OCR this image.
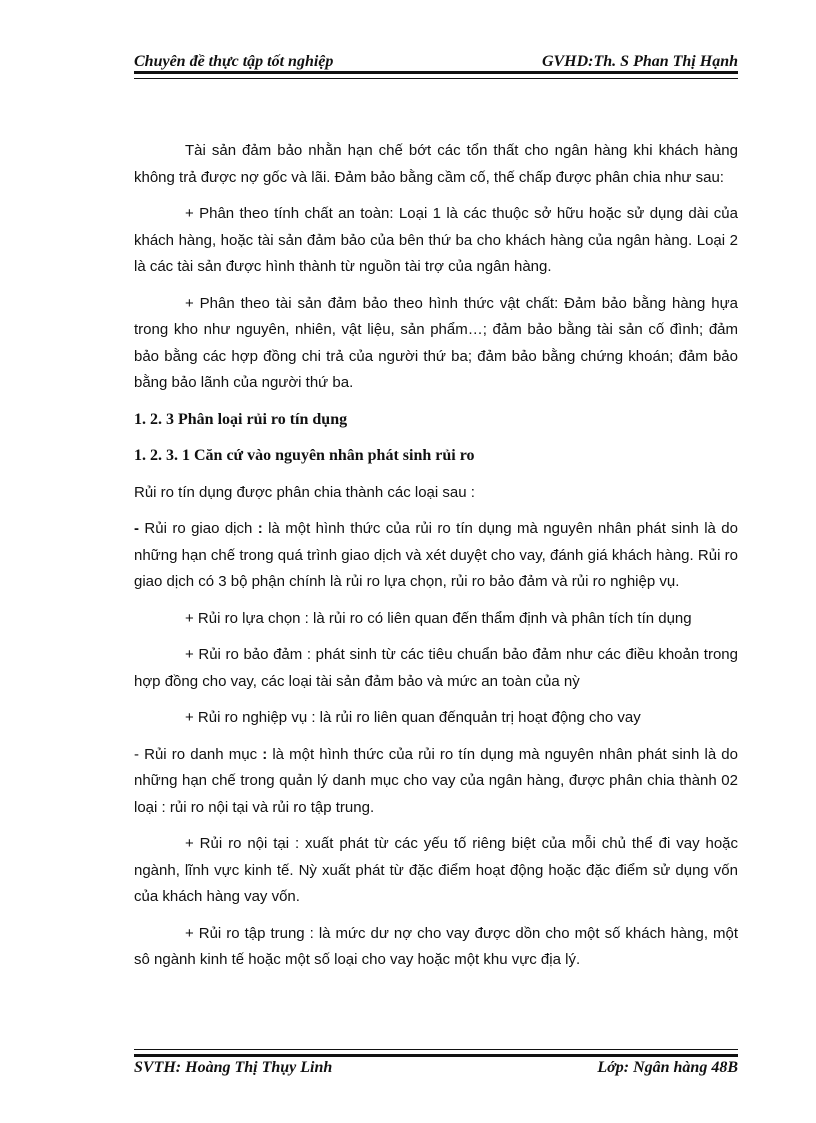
Chuyên đề thực tập tốt nghiệp	GVHD:Th. S Phan Thị Hạnh

Tài sản đảm bảo nhằn hạn chế bớt các tổn thất cho ngân hàng khi khách hàng không trả được nợ gốc và lãi. Đảm bảo bằng cầm cố, thế chấp được phân chia như sau:

+ Phân theo tính chất an toàn: Loại 1 là các thuộc sở hữu hoặc sử dụng dài của khách hàng, hoặc tài sản đảm bảo của bên thứ ba cho khách hàng của ngân hàng. Loại 2 là các tài sản được hình thành từ nguồn tài trợ của ngân hàng.

+ Phân theo tài sản đảm bảo theo hình thức vật chất: Đảm bảo bằng hàng hựa trong kho như nguyên, nhiên, vật liệu, sản phẩm…; đảm bảo bằng tài sản cố đình; đảm bảo bằng các hợp đồng chi trả của người thứ ba; đảm bảo bằng chứng khoán; đảm bảo bằng bảo lãnh của người thứ ba.

1. 2. 3 Phân loại rủi ro tín dụng

1. 2. 3. 1 Căn cứ vào nguyên nhân phát sinh rủi ro

Rủi ro tín dụng được phân chia thành các loại sau :

- Rủi ro giao dịch : là một hình thức của rủi ro tín dụng mà nguyên nhân phát sinh là do những hạn chế trong quá trình giao dịch và xét duyệt cho vay, đánh giá khách hàng. Rủi ro giao dịch có 3 bộ phận chính là rủi ro lựa chọn, rủi ro bảo đảm và rủi ro nghiệp vụ.

+ Rủi ro lựa chọn : là rủi ro có liên quan đến thẩm định và phân tích tín dụng

+ Rủi ro bảo đảm : phát sinh từ các tiêu chuẩn bảo đảm như các điều khoản trong hợp đồng cho vay, các loại tài sản đảm bảo và mức an toàn của nỳ

+ Rủi ro nghiệp vụ : là rủi ro liên quan đếnquản trị hoạt động cho vay

- Rủi ro danh mục : là một hình thức của rủi ro tín dụng mà nguyên nhân phát sinh là do những hạn chế trong quản lý danh mục cho vay của ngân hàng, được phân chia thành 02 loại : rủi ro nội tại và rủi ro tập trung.

+ Rủi ro nội tại : xuất phát từ các yếu tố riêng biệt của mỗi chủ thể đi vay hoặc ngành, lĩnh vực kinh tế. Nỳ xuất phát từ đặc điểm hoạt động hoặc đặc điểm sử dụng vốn của khách hàng vay vốn.

+ Rủi ro tập trung : là mức dư nợ cho vay được dồn cho một số khách hàng, một sô ngành kinh tế hoặc một số loại cho vay hoặc một khu vực địa lý.

SVTH: Hoàng Thị Thụy Linh	Lớp: Ngân hàng 48B
